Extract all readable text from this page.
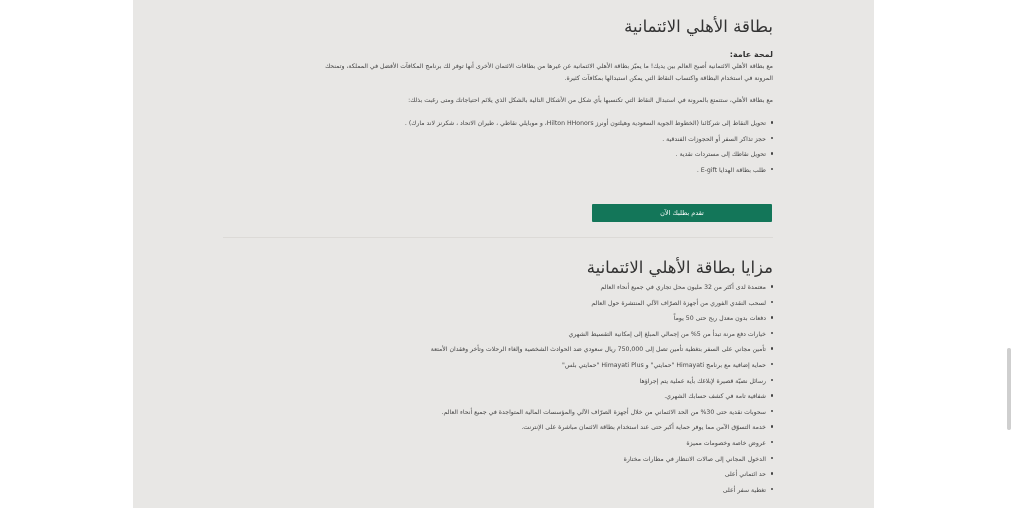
بطاقة الأهلي الائتمانية

لمحة عامة:

مع بطاقة الأهلي الائتمانية أصبح العالم بين يديك! ما يميّز بطاقة الأهلي الائتمانية عن غيرها من بطاقات الائتمان الأخرى أنها توفر لك برنامج المكافآت الأفضل في المملكة، وتمنحك

المرونة في استخدام البطاقة واكتساب النقاط التي يمكن استبدالها بمكافآت كثيرة.

مع بطاقة الأهلي، ستتمتع بالمرونة في استبدال النقاط التي تكتسبها بأي شكل من الأشكال التالية بالشكل الذي يلائم احتياجاتك ومتى رغبت بذلك:

تحويل النقاط إلى شركائنا (الخطوط الجوية السعودية وهيلتون أونرز Hilton HHonors، و موبايلي نقاطي ، طيران الاتحاد ، شكرنز لاند مارك) .
حجز تذاكر السفر أو الحجوزات الفندقية .
تحويل نقاطك إلى مستردات نقدية .
طلب بطاقة الهدايا E-gift .
تقدم بطلبك الآن
مزايا بطاقة الأهلي الائتمانية
معتمدة لدى أكثر من 32 مليون محل تجاري في جميع أنحاء العالم
لسحب النقدي الفوري من أجهزة الصرّاف الآلي المنتشرة حول العالم
دفعات بدون معدل ربح حتى 50 يوماً
خيارات دفع مرنة تبدأ من 5% من إجمالي المبلغ إلى إمكانية التقسيط الشهري
تأمين مجاني على السفر بتغطية تأمين تصل إلى 750,000 ريال سعودي ضد الحوادث الشخصية وإلغاء الرحلات وتأخر وفقدان الأمتعة
حماية إضافية مع برنامج Himayati "حمايتي" و Himayati Plus "حمايتي بلس"
رسائل نصيّة قصيرة لإبلاغك بأية عملية يتم إجراؤها
شفافية تامة في كشف حسابك الشهري.
سحوبات نقدية حتى 30% من الحد الائتماني من خلال أجهزة الصرّاف الآلي والمؤسسات المالية المتواجدة في جميع أنحاء العالم.
خدمة التسوّق الآمن مما يوفر حماية أكبر حتى عند استخدام بطاقة الائتمان مباشرة على الإنترنت.
عروض خاصة وخصومات مميزة
الدخول المجاني إلى صالات الانتظار في مطارات مختارة
حد ائتماني أعلى
تغطية سفر أعلى
